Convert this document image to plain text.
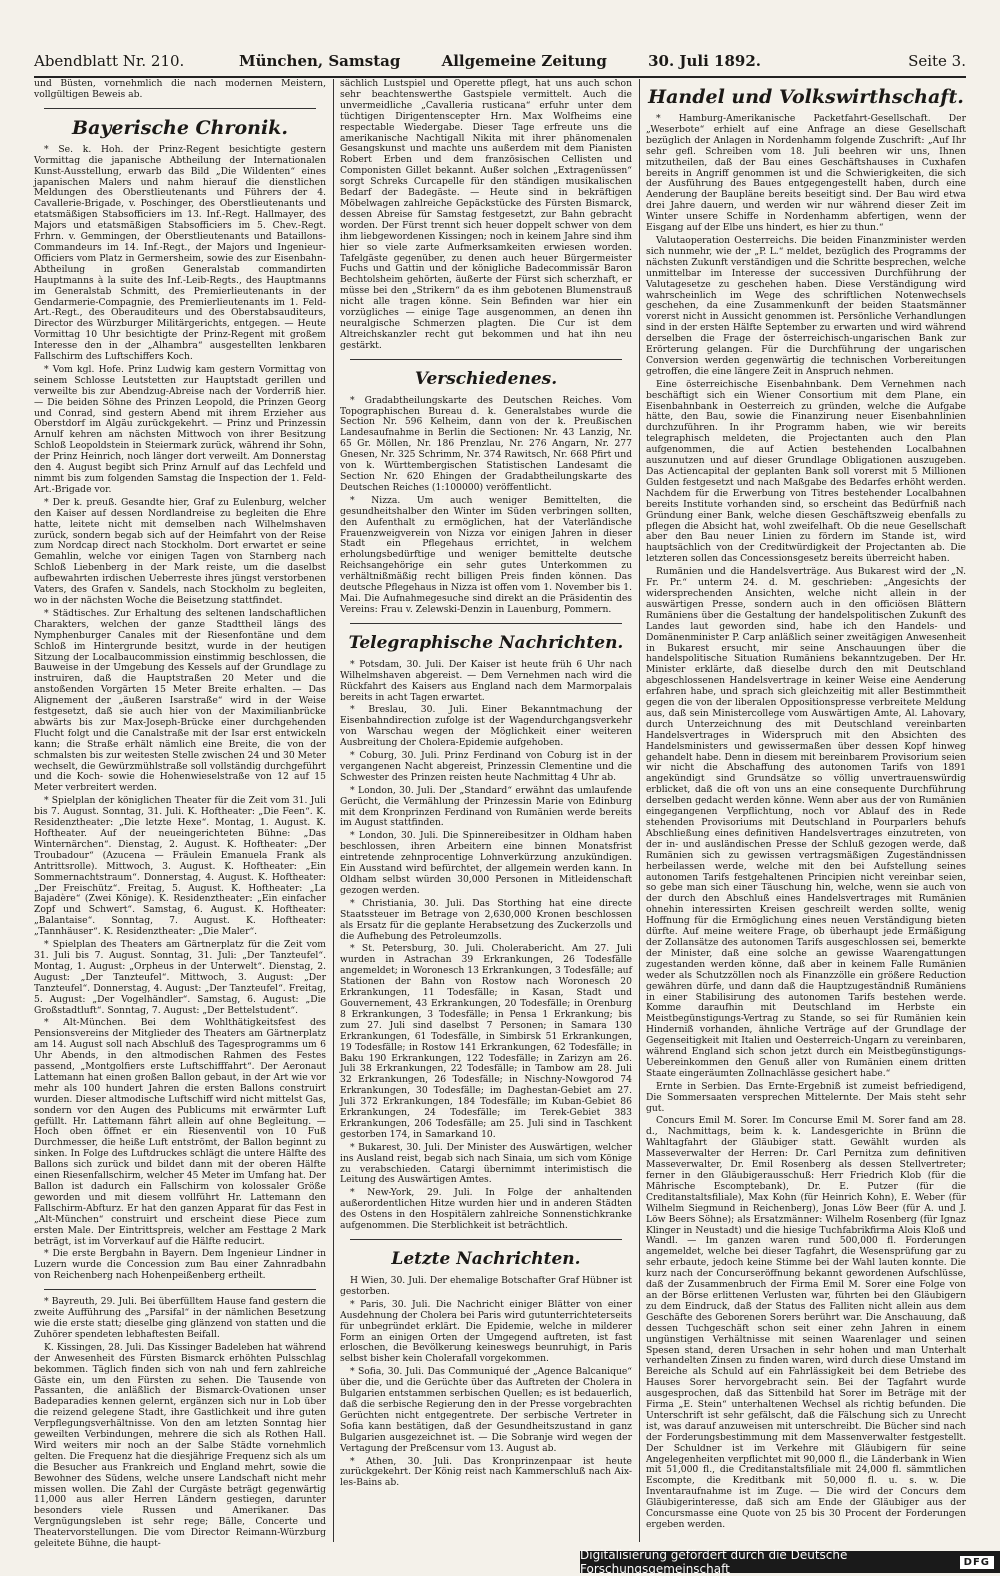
Abendblatt Nr. 210.	München, Samstag	Allgemeine Zeitung	30. Juli 1892.	Seite 3.

und Büsten, vornehmlich die nach modernen Meistern, vollgültigen Beweis ab.

Bayerische Chronik.

* Se. k. Hoh. der Prinz-Regent besichtigte gestern Vormittag die japanische Abtheilung der Internationalen Kunst-Ausstellung, erwarb das Bild „Die Wildenten“ eines japanischen Malers und nahm hierauf die dienstlichen Meldungen des Oberstlieutenants und Führers der 4. Cavallerie-Brigade, v. Poschinger, des Oberstlieutenants und etatsmäßigen Stabsofficiers im 13. Inf.-Regt. Hallmayer, des Majors und etatsmäßigen Stabsofficiers im 5. Chev.-Regt. Frhrn. v. Gemmingen, der Oberstlieutenants und Bataillons-Commandeurs im 14. Inf.-Regt., der Majors und Ingenieur-Officiers vom Platz in Germersheim, sowie des zur Eisenbahn-Abtheilung in großen Generalstab commandirten Hauptmanns à la suite des Inf.-Leib-Regts., des Hauptmanns im Generalstab Schmitt, des Premierlieutenants in der Gendarmerie-Compagnie, des Premierlieutenants im 1. Feld-Art.-Regt., des Oberauditeurs und des Oberstabsauditeurs, Director des Würzburger Militärgerichts, entgegen. — Heute Vormittag 10 Uhr besichtigte der Prinz-Regent mit großem Interesse den in der „Alhambra“ ausgestellten lenkbaren Fallschirm des Luftschiffers Koch.

* Vom kgl. Hofe. Prinz Ludwig kam gestern Vormittag von seinem Schlosse Leutstetten zur Hauptstadt gerillen und verweilte bis zur Abendzug-Abreise nach der Vorderriß hier. — Die beiden Söhne des Prinzen Leopold, die Prinzen Georg und Conrad, sind gestern Abend mit ihrem Erzieher aus Oberstdorf im Algäu zurückgekehrt. — Prinz und Prinzessin Arnulf kehren am nächsten Mittwoch von ihrer Besitzung Schloß Leopoldstein in Steiermark zurück, während ihr Sohn, der Prinz Heinrich, noch länger dort verweilt. Am Donnerstag den 4. August begibt sich Prinz Arnulf auf das Lechfeld und nimmt bis zum folgenden Samstag die Inspection der 1. Feld-Art.-Brigade vor.

* Der k. preuß. Gesandte hier, Graf zu Eulenburg, welcher den Kaiser auf dessen Nordlandreise zu begleiten die Ehre hatte, leitete nicht mit demselben nach Wilhelmshaven zurück, sondern begab sich auf der Heimfahrt von der Reise zum Nordcap direct nach Stockholm. Dort erwartet er seine Gemahlin, welche vor einigen Tagen von Starnberg nach Schloß Liebenberg in der Mark reiste, um die daselbst aufbewahrten irdischen Ueberreste ihres jüngst verstorbenen Vaters, des Grafen v. Sandels, nach Stockholm zu begleiten, wo in der nächsten Woche die Beisetzung stattfindet.

* Städtisches. Zur Erhaltung des seltenen landschaftlichen Charakters, welchen der ganze Stadttheil längs des Nymphenburger Canales mit der Riesenfontäne und dem Schloß im Hintergrunde besitzt, wurde in der heutigen Sitzung der Localbaucommission einstimmig beschlossen, die Bauweise in der Umgebung des Kessels auf der Grundlage zu instruiren, daß die Hauptstraßen 20 Meter und die anstoßenden Vorgärten 15 Meter Breite erhalten. — Das Alignement der „äußeren Isarstraße“ wird in der Weise festgesetzt, daß sie auch hier von der Maximilianbrücke abwärts bis zur Max-Joseph-Brücke einer durchgehenden Flucht folgt und die Canalstraße mit der Isar erst entwickeln kann; die Straße erhält nämlich eine Breite, die von der schmalsten bis zur weitesten Stelle zwischen 24 und 30 Meter wechselt, die Gewürzmühlstraße soll vollständig durchgeführt und die Koch- sowie die Hohenwieselstraße von 12 auf 15 Meter verbreitert werden.

* Spielplan der königlichen Theater für die Zeit vom 31. Juli bis 7. August. Sonntag, 31. Juli. K. Hoftheater: „Die Feen“. K. Residenztheater: „Die letzte Hexe“. Montag, 1. August. K. Hoftheater. Auf der neueingerichteten Bühne: „Das Winternärchen“. Dienstag, 2. August. K. Hoftheater: „Der Troubadour“ (Azucena — Fräulein Emanuela Frank als Antrittsrolle). Mittwoch, 3. August. K. Hoftheater: „Ein Sommernachtstraum“. Donnerstag, 4. August. K. Hoftheater: „Der Freischütz“. Freitag, 5. August. K. Hoftheater: „La Bajadère“ (Zwei Könige). K. Residenztheater: „Ein einfacher Zopf und Schwert“. Samstag, 6. August. K. Hoftheater: „Balantaise“. Sonntag, 7. August. K. Hoftheater: „Tannhäuser“. K. Residenztheater: „Die Maler“.

* Spielplan des Theaters am Gärtnerplatz für die Zeit vom 31. Juli bis 7. August. Sonntag, 31. Juli: „Der Tanzteufel“. Montag, 1. August: „Orpheus in der Unterwelt“. Dienstag, 2. August: „Der Tanzteufel“. Mittwoch, 3. August: „Der Tanzteufel“. Donnerstag, 4. August: „Der Tanzteufel“. Freitag, 5. August: „Der Vogelhändler“. Samstag, 6. August: „Die Großstadtluft“. Sonntag, 7. August: „Der Bettelstudent“.

* Alt-München. Bei dem Wohlthätigkeitsfest des Pensionsvereins der Mitglieder des Theaters am Gärtnerplatz am 14. August soll nach Abschluß des Tagesprogramms um 6 Uhr Abends, in den altmodischen Rahmen des Festes passend, „Montgolfiers erste Luftschifffahrt“. Der Aeronaut Lattemann hat einen großen Ballon gebaut, in der Art wie vor mehr als 100 hundert Jahren die ersten Ballons construirt wurden. Dieser altmodische Luftschiff wird nicht mittelst Gas, sondern vor den Augen des Publicums mit erwärmter Luft gefüllt. Hr. Lattemann fährt allein auf ohne Begleitung. — Hoch oben öffnet er ein Riesenventil von 10 Fuß Durchmesser, die heiße Luft entströmt, der Ballon beginnt zu sinken. In Folge des Luftdruckes schlägt die untere Hälfte des Ballons sich zurück und bildet dann mit der oberen Hälfte einen Riesenfallschirm, welcher 45 Meter im Umfang hat. Der Ballon ist dadurch ein Fallschirm von kolossaler Größe geworden und mit diesem vollführt Hr. Lattemann den Fallschirm-Abfturz. Er hat den ganzen Apparat für das Fest in „Alt-München“ construirt und erscheint diese Piece zum ersten Male. Der Eintrittspreis, welcher am Festtage 2 Mark beträgt, ist im Vorverkauf auf die Hälfte reducirt.

* Die erste Bergbahn in Bayern. Dem Ingenieur Lindner in Luzern wurde die Concession zum Bau einer Zahnradbahn von Reichenberg nach Hohenpeißenberg ertheilt.

* Bayreuth, 29. Juli. Bei überfülltem Hause fand gestern die zweite Aufführung des „Parsifal“ in der nämlichen Besetzung wie die erste statt; dieselbe ging glänzend von statten und die Zuhörer spendeten lebhaftesten Beifall.

K. Kissingen, 28. Juli. Das Kissinger Badeleben hat während der Anwesenheit des Fürsten Bismarck erhöhten Pulsschlag bekommen. Täglich finden sich von nah und fern zahlreiche Gäste ein, um den Fürsten zu sehen. Die Tausende von Passanten, die anläßlich der Bismarck-Ovationen unser Badeparadies kennen gelernt, ergänzen sich nur in Lob über die reizend gelegene Stadt, ihre Gastlichkeit und ihre guten Verpflegungsverhältnisse. Von den am letzten Sonntag hier geweilten Verbindungen, mehrere die sich als Rothen Hall. Wird weiters mir noch an der Salbe Städte vornehmlich gelten. Die Frequenz hat die diesjährige Frequenz sich als um die Besucher aus Frankreich und England mehrt, sowie die Bewohner des Südens, welche unsere Landschaft nicht mehr missen wollen. Die Zahl der Curgäste beträgt gegenwärtig 11,000 aus aller Herren Ländern gestiegen, darunter besonders viele Russen und Amerikaner. Das Vergnügungsleben ist sehr rege; Bälle, Concerte und Theatervorstellungen. Die vom Director Reimann-Würzburg geleitete Bühne, die haupt-

sächlich Lustspiel und Operette pflegt, hat uns auch schon sehr beachtenswerthe Gastspiele vermittelt. Auch die unvermeidliche „Cavalleria rusticana“ erfuhr unter dem tüchtigen Dirigentenscepter Hrn. Max Wolfheims eine respectable Wiedergabe. Dieser Tage erfreute uns die amerikanische Nachtigall Nikita mit ihrer phänomenalen Gesangskunst und machte uns außerdem mit dem Pianisten Robert Erben und dem französischen Cellisten und Componisten Gillet bekannt. Außer solchen „Extragenüssen“ sorgt Schreks Curcapelle für den ständigen musikalischen Bedarf der Badegäste. — Heute sind in bekräftigen Möbelwagen zahlreiche Gepäckstücke des Fürsten Bismarck, dessen Abreise für Samstag festgesetzt, zur Bahn gebracht worden. Der Fürst trennt sich heuer doppelt schwer von dem ihm liebgewordenen Kissingen; noch in keinem Jahre sind ihm hier so viele zarte Aufmerksamkeiten erwiesen worden. Tafelgäste gegenüber, zu denen auch heuer Bürgermeister Fuchs und Gattin und der königliche Badecommissär Baron Bechtolsheim gehörten, äußerte der Fürst sich scherzhaft, er müsse bei den „Strikern“ da es ihm gebotenen Blumenstrauß nicht alle tragen könne. Sein Befinden war hier ein vorzügliches — einige Tage ausgenommen, an denen ihn neuralgische Schmerzen plagten. Die Cur ist dem Altreichskanzler recht gut bekommen und hat ihn neu gestärkt.

Verschiedenes.

* Gradabtheilungskarte des Deutschen Reiches. Vom Topographischen Bureau d. k. Generalstabes wurde die Section Nr. 596 Kelheim, dann von der k. Preußischen Landesaufnahme in Berlin die Sectionen: Nr. 43 Lanzig, Nr. 65 Gr. Möllen, Nr. 186 Prenzlau, Nr. 276 Angarn, Nr. 277 Gnesen, Nr. 325 Schrimm, Nr. 374 Rawitsch, Nr. 668 Pfirt und von k. Württembergischen Statistischen Landesamt die Section Nr. 620 Ehingen der Gradabtheilungskarte des Deutschen Reiches (1:100000) veröffentlicht.

* Nizza. Um auch weniger Bemittelten, die gesundheitshalber den Winter im Süden verbringen sollten, den Aufenthalt zu ermöglichen, hat der Vaterländische Frauenzweigverein von Nizza vor einigen Jahren in dieser Stadt ein Pflegehaus errichtet, in welchem erholungsbedürftige und weniger bemittelte deutsche Reichsangehörige ein sehr gutes Unterkommen zu verhältnißmäßig recht billigen Preis finden können. Das deutsche Pflegehaus in Nizza ist offen vom 1. November bis 1. Mai. Die Aufnahmegesuche sind direkt an die Präsidentin des Vereins: Frau v. Zelewski-Denzin in Lauenburg, Pommern.

Telegraphische Nachrichten.

* Potsdam, 30. Juli. Der Kaiser ist heute früh 6 Uhr nach Wilhelmshaven abgereist. — Dem Vernehmen nach wird die Rückfahrt des Kaisers aus England nach dem Marmorpalais bereits in acht Tagen erwartet.

* Breslau, 30. Juli. Einer Bekanntmachung der Eisenbahndirection zufolge ist der Wagendurchgangsverkehr von Warschau wegen der Möglichkeit einer weiteren Ausbreitung der Cholera-Epidemie aufgehoben.

* Coburg, 30. Juli. Prinz Ferdinand von Coburg ist in der vergangenen Nacht abgereist, Prinzessin Clementine und die Schwester des Prinzen reisten heute Nachmittag 4 Uhr ab.

* London, 30. Juli. Der „Standard“ erwähnt das umlaufende Gerücht, die Vermählung der Prinzessin Marie von Edinburg mit dem Kronprinzen Ferdinand von Rumänien werde bereits im August stattfinden.

* London, 30. Juli. Die Spinnereibesitzer in Oldham haben beschlossen, ihren Arbeitern eine binnen Monatsfrist eintretende zehnprocentige Lohnverkürzung anzukündigen. Ein Ausstand wird befürchtet, der allgemein werden kann. In Oldham selbst würden 30,000 Personen in Mitleidenschaft gezogen werden.

* Christiania, 30. Juli. Das Storthing hat eine directe Staatssteuer im Betrage von 2,630,000 Kronen beschlossen als Ersatz für die geplante Herabsetzung des Zuckerzolls und die Aufhebung des Petroleumzolls.

* St. Petersburg, 30. Juli. Cholerabericht. Am 27. Juli wurden in Astrachan 39 Erkrankungen, 26 Todesfälle angemeldet; in Woronesch 13 Erkrankungen, 3 Todesfälle; auf Stationen der Bahn von Rostow nach Woronesch 20 Erkrankungen, 11 Todesfälle; in Kasan, Stadt und Gouvernement, 43 Erkrankungen, 20 Todesfälle; in Orenburg 8 Erkrankungen, 3 Todesfälle; in Pensa 1 Erkrankung; bis zum 27. Juli sind daselbst 7 Personen; in Samara 130 Erkrankungen, 61 Todesfälle, in Simbirsk 51 Erkrankungen, 19 Todesfälle; in Rostow 141 Erkrankungen, 62 Todesfälle; in Baku 190 Erkrankungen, 122 Todesfälle; in Zarizyn am 26. Juli 38 Erkrankungen, 22 Todesfälle; in Tambow am 28. Juli 32 Erkrankungen, 26 Todesfälle; in Nischny-Nowgorod 74 Erkrankungen, 30 Todesfälle; im Daghestan-Gebiet am 27. Juli 372 Erkrankungen, 184 Todesfälle; im Kuban-Gebiet 86 Erkrankungen, 24 Todesfälle; im Terek-Gebiet 383 Erkrankungen, 206 Todesfälle; am 25. Juli sind in Taschkent gestorben 174, in Samarkand 10.

* Bukarest, 30. Juli. Der Minister des Auswärtigen, welcher ins Ausland reist, begab sich nach Sinaia, um sich vom Könige zu verabschieden. Catargi übernimmt interimistisch die Leitung des Auswärtigen Amtes.

* New-York, 29. Juli. In Folge der anhaltenden außerordentlichen Hitze wurden hier und in anderen Städten des Ostens in den Hospitälern zahlreiche Sonnenstichkranke aufgenommen. Die Sterblichkeit ist beträchtlich.

Letzte Nachrichten.

H Wien, 30. Juli. Der ehemalige Botschafter Graf Hübner ist gestorben.

* Paris, 30. Juli. Die Nachricht einiger Blätter von einer Ausdehnung der Cholera bei Paris wird gutunterrichteterseits für unbegründet erklärt. Die Epidemie, welche in milderer Form an einigen Orten der Umgegend auftreten, ist fast erloschen, die Bevölkerung keineswegs beunruhigt, in Paris selbst bisher kein Cholerafall vorgekommen.

* Sofia, 30. Juli. Das Communiqué der „Agence Balcanique“ über die, und die Gerüchte über das Auftreten der Cholera in Bulgarien entstammen serbischen Quellen; es ist bedauerlich, daß die serbische Regierung den in der Presse vorgebrachten Gerüchten nicht entgegentrete. Der serbische Vertreter in Sofia kann bestätigen, daß der Gesundheitszustand in ganz Bulgarien ausgezeichnet ist. — Die Sobranje wird wegen der Vertagung der Preßcensur vom 13. August ab.

* Athen, 30. Juli. Das Kronprinzenpaar ist heute zurückgekehrt. Der König reist nach Kammerschluß nach Aix-les-Bains ab.

Handel und Volkswirthschaft.

* Hamburg-Amerikanische Packetfahrt-Gesellschaft. Der „Weserbote“ erhielt auf eine Anfrage an diese Gesellschaft bezüglich der Anlagen in Nordenhamm folgende Zuschrift: „Auf Ihr sehr gefl. Schreiben vom 18. Juli beehren wir uns, Ihnen mitzutheilen, daß der Bau eines Geschäftshauses in Cuxhafen bereits in Angriff genommen ist und die Schwierigkeiten, die sich der Ausführung des Baues entgegengestellt haben, durch eine Aenderung der Baupläne bereits beseitigt sind. Der Bau wird etwa drei Jahre dauern, und werden wir nur während dieser Zeit im Winter unsere Schiffe in Nordenhamm abfertigen, wenn der Eisgang auf der Elbe uns hindert, es hier zu thun.“

Valutaoperation Oesterreichs. Die beiden Finanzminister werden sich nunmehr, wie der „P. L.“ meldet, bezüglich des Programms der nächsten Zukunft verständigen und die Schritte besprechen, welche unmittelbar im Interesse der successiven Durchführung der Valutagesetze zu geschehen haben. Diese Verständigung wird wahrscheinlich im Wege des schriftlichen Notenwechsels geschehen, da eine Zusammenkunft der beiden Staatsmänner vorerst nicht in Aussicht genommen ist. Persönliche Verhandlungen sind in der ersten Hälfte September zu erwarten und wird während derselben die Frage der österreichisch-ungarischen Bank zur Erörterung gelangen. Für die Durchführung der ungarischen Conversion werden gegenwärtig die technischen Vorbereitungen getroffen, die eine längere Zeit in Anspruch nehmen.

Eine österreichische Eisenbahnbank. Dem Vernehmen nach beschäftigt sich ein Wiener Consortium mit dem Plane, ein Eisenbahnbank in Oesterreich zu gründen, welche die Aufgabe hätte, den Bau, sowie die Finanzirung neuer Eisenbahnlinien durchzuführen. In ihr Programm haben, wie wir bereits telegraphisch meldeten, die Projectanten auch den Plan aufgenommen, die auf Actien bestehenden Localbahnen auszunutzen und auf dieser Grundlage Obligationen auszugeben. Das Actiencapital der geplanten Bank soll vorerst mit 5 Millionen Gulden festgesetzt und nach Maßgabe des Bedarfes erhöht werden. Nachdem für die Erwerbung von Titres bestehender Localbahnen bereits Institute vorhanden sind, so erscheint das Bedürfniß nach Gründung einer Bank, welche diesen Geschäftszweig ebenfalls zu pflegen die Absicht hat, wohl zweifelhaft. Ob die neue Gesellschaft aber den Bau neuer Linien zu fördern im Stande ist, wird hauptsächlich von der Creditwürdigkeit der Projectanten ab. Die letzteren sollen das Concessionsgesetz bereits überreicht haben.

Rumänien und die Handelsverträge. Aus Bukarest wird der „N. Fr. Pr.“ unterm 24. d. M. geschrieben: „Angesichts der widersprechenden Ansichten, welche nicht allein in der auswärtigen Presse, sondern auch in den officiösen Blättern Rumäniens über die Gestaltung der handelspolitischen Zukunft des Landes laut geworden sind, habe ich den Handels- und Domänenminister P. Carp anläßlich seiner zweitägigen Anwesenheit in Bukarest ersucht, mir seine Anschauungen über die handelspolitische Situation Rumäniens bekanntzugeben. Der Hr. Minister erklärte, daß dieselbe durch den mit Deutschland abgeschlossenen Handelsvertrage in keiner Weise eine Aenderung erfahren habe, und sprach sich gleichzeitig mit aller Bestimmtheit gegen die von der liberalen Oppositionspresse verbreitete Meldung aus, daß sein Ministercollege vom Auswärtigen Amte, Al. Lahovary, durch Unterzeichnung des mit Deutschland vereinbarten Handelsvertrages in Widerspruch mit den Absichten des Handelsministers und gewissermaßen über dessen Kopf hinweg gehandelt habe. Denn in diesem mit bereinbarem Provisorium seien wir nicht die Abschaffung des autonomen Tarifs von 1891 angekündigt sind Grundsätze so völlig unvertrauenswürdig erblicket, daß die oft von uns an eine consequente Durchführung derselben gedacht werden könne. Wenn aber aus der von Rumänien eingegangenen Verpflichtung, noch vor Ablauf des in Rede stehenden Provisoriums mit Deutschland in Pourparlers behufs Abschließung eines definitiven Handelsvertrages einzutreten, von der in- und ausländischen Presse der Schluß gezogen werde, daß Rumänien sich zu gewissen vertragsmäßigen Zugeständnissen herbeilassen werde, welche mit den bei Aufstellung seines autonomen Tarifs festgehaltenen Principien nicht vereinbar seien, so gebe man sich einer Täuschung hin, welche, wenn sie auch von der durch den Abschluß eines Handelsvertrages mit Rumänien ohnehin interessirten Kreisen geschreilt werden sollte, wenig Hoffnung für die Ermöglichung eines neuen Verständigung bieten dürfte. Auf meine weitere Frage, ob überhaupt jede Ermäßigung der Zollansätze des autonomen Tarifs ausgeschlossen sei, bemerkte der Minister, daß eine solche an gewisse Waarengattungen zugestanden werden könne, daß aber in keinem Falle Rumänien weder als Schutzzöllen noch als Finanzzölle ein größere Reduction gewähren dürfe, und dann daß die Hauptzugeständniß Rumäniens in einer Stabilisirung des autonomen Tarifs bestehen werde. Komme daraufhin mit Deutschland im Herbste ein Meistbegünstigungs-Vertrag zu Stande, so sei für Rumänien kein Hinderniß vorhanden, ähnliche Verträge auf der Grundlage der Gegenseitigkeit mit Italien und Oesterreich-Ungarn zu vereinbaren, während England sich schon jetzt durch ein Meistbegünstigungs-Uebereinkommen den Genuß aller von Rumänien einem dritten Staate eingeräumten Zollnachlässe gesichert habe.“

Ernte in Serbien. Das Ernte-Ergebniß ist zumeist befriedigend, Die Sommersaaten versprechen Mittelernte. Der Mais steht sehr gut.

Concurs Emil M. Sorer. Im Concurse Emil M. Sorer fand am 28. d., Nachmittags, beim k. k. Landesgerichte in Brünn die Wahltagfahrt der Gläubiger statt. Gewählt wurden als Masseverwalter der Herren: Dr. Carl Pernitza zum definitiven Masseverwalter, Dr. Emil Rosenberg als dessen Stellvertreter; ferner in den Gläubigerausschuß: Herr Friedrich Klob (für die Mährische Escomptebank), Dr. E. Putzer (für die Creditanstaltsfiliale), Max Kohn (für Heinrich Kohn), E. Weber (für Wilhelm Siegmund in Reichenberg), Jonas Löw Beer (für A. und J. Löw Beers Söhne); als Ersatzmänner: Wilhelm Rosenberg (für Ignaz Klinger in Neustadt) und die hiesige Tuchfabrikfirma Alois Kloß und Wandl. — Im ganzen waren rund 500,000 fl. Forderungen angemeldet, welche bei dieser Tagfahrt, die Wesensprüfung gar zu sehr erbaute, jedoch keine Stimme bei der Wahl lauten konnte. Die kurz nach der Concurseröffnung bekannt gewordenen Aufschlüsse, daß der Zusammenbruch der Firma Emil M. Sorer eine Folge von an der Börse erlittenen Verlusten war, führten bei den Gläubigern zu dem Eindruck, daß der Status des Falliten nicht allein aus dem Geschäfte des Geborenen Sorers berührt war. Die Anschauung, daß dessen Tuchgeschäft schon seit einer zehn Jahren in einem ungünstigen Verhältnisse mit seinen Waarenlager und seinen Spesen stand, deren Ursachen in sehr hohen und man Unterhalt verhandelten Zinsen zu finden waren, wird durch diese Umstand im Bereiche als Schuld auf ein Fahrlässigkeit bei dem Betriebe des Hauses Sorer hervorgebracht sein. Bei der Tagfahrt wurde ausgesprochen, daß das Sittenbild hat Sorer im Beträge mit der Firma „E. Stein“ unterhaltenen Wechsel als richtig befunden. Die Unterschrift ist sehr gefälscht, daß die Fälschung sich zu Unrecht ist, was darauf anzuweisen mit unterschreibt. Die Bücher sind nach der Forderungsbestimmung mit dem Massenverwalter festgestellt. Der Schuldner ist im Verkehre mit Gläubigern für seine Angelegenheiten verpflichtet mit 90,000 fl., die Länderbank in Wien mit 51,000 fl., die Creditanstaltsfiliale mit 24,000 fl. sämmtlichen Escompte, die Kreditbank mit 50,000 fl. u. s. w. Die Inventaraufnahme ist im Zuge. — Die wird der Concurs dem Gläubigerinteresse, daß sich am Ende der Gläubiger aus der Concursmasse eine Quote von 25 bis 30 Procent der Forderungen ergeben werden.

Digitalisierung gefördert durch die Deutsche Forschungsgemeinschaft	DFG
